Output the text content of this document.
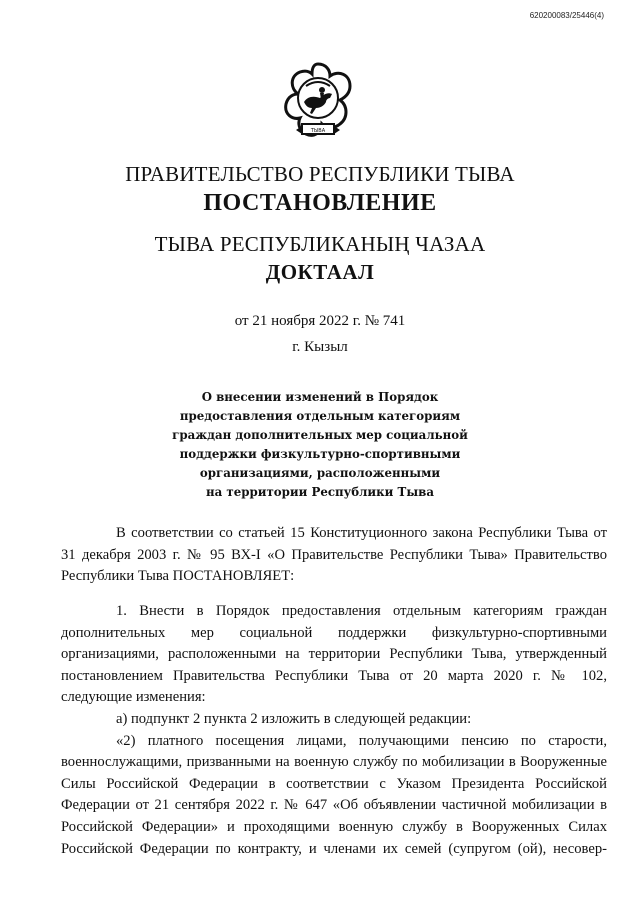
620200083/25446(4)
ТЫВА
ПРАВИТЕЛЬСТВО РЕСПУБЛИКИ ТЫВА
ПОСТАНОВЛЕНИЕ
ТЫВА РЕСПУБЛИКАНЫҢ ЧАЗАА
ДОКТААЛ
от 21 ноября 2022 г. № 741
г. Кызыл
О внесении изменений в Порядок
предоставления отдельным категориям
граждан дополнительных мер социальной
поддержки физкультурно-спортивными
организациями, расположенными
на территории Республики Тыва

В соответствии со статьей 15 Конституционного закона Республики Тыва от 31 декабря 2003 г. № 95 ВХ-I «О Правительстве Республики Тыва» Правительство Республики Тыва ПОСТАНОВЛЯЕТ:

1. Внести в Порядок предоставления отдельным категориям граждан дополнительных мер социальной поддержки физкультурно-спортивными организациями, расположенными на территории Республики Тыва, утвержденный постановлением Правительства Республики Тыва от 20 марта 2020 г. № 102, следующие изменения:

а) подпункт 2 пункта 2 изложить в следующей редакции:

«2) платного посещения лицами, получающими пенсию по старости, военнослужащими, призванными на военную службу по мобилизации в Вооруженные Силы Российской Федерации в соответствии с Указом Президента Российской Федерации от 21 сентября 2022 г. № 647 «Об объявлении частичной мобилизации в Российской Федерации» и проходящими военную службу в Вооруженных Силах Российской Федерации по контракту, и членами их семей (супругом (ой), несовер-
